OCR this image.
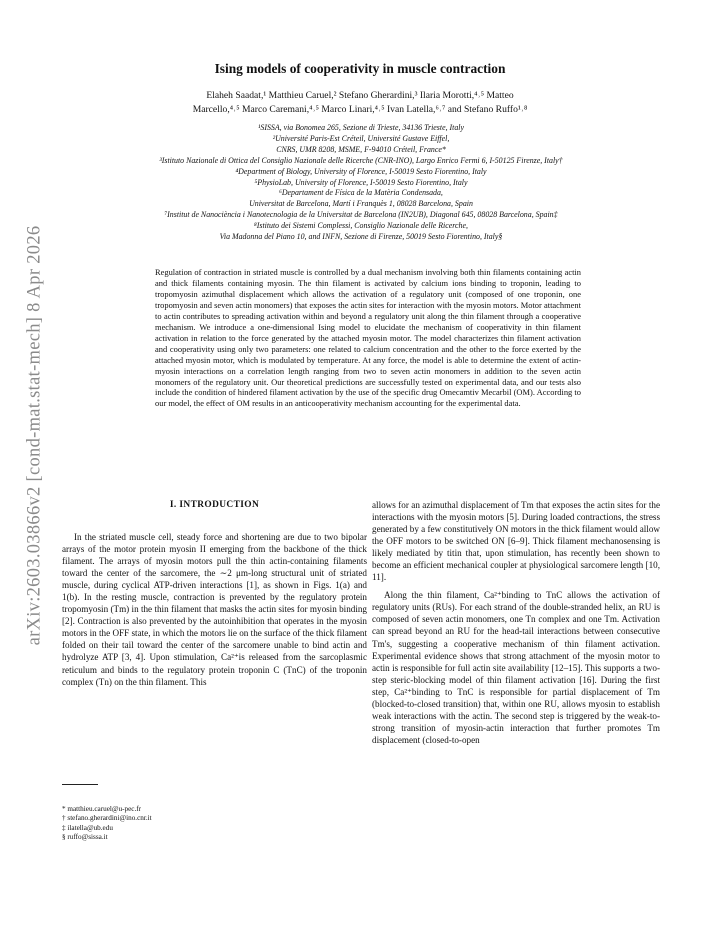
arXiv:2603.03866v2 [cond-mat.stat-mech] 8 Apr 2026
Ising models of cooperativity in muscle contraction
Elaheh Saadat,¹ Matthieu Caruel,² Stefano Gherardini,³ Ilaria Morotti,⁴˒⁵ Matteo
Marcello,⁴˒⁵ Marco Caremani,⁴˒⁵ Marco Linari,⁴˒⁵ Ivan Latella,⁶˒⁷ and Stefano Ruffo¹˒⁸
¹SISSA, via Bonomea 265, Sezione di Trieste, 34136 Trieste, Italy
²Université Paris-Est Créteil, Université Gustave Eiffel,
CNRS, UMR 8208, MSME, F-94010 Créteil, France*
³Istituto Nazionale di Ottica del Consiglio Nazionale delle Ricerche (CNR-INO), Largo Enrico Fermi 6, I-50125 Firenze, Italy†
⁴Department of Biology, University of Florence, I-50019 Sesto Fiorentino, Italy
⁵PhysioLab, University of Florence, I-50019 Sesto Fiorentino, Italy
⁶Departament de Física de la Matèria Condensada,
Universitat de Barcelona, Martí i Franquès 1, 08028 Barcelona, Spain
⁷Institut de Nanociència i Nanotecnologia de la Universitat de Barcelona (IN2UB), Diagonal 645, 08028 Barcelona, Spain‡
⁸Istituto dei Sistemi Complessi, Consiglio Nazionale delle Ricerche,
Via Madonna del Piano 10, and INFN, Sezione di Firenze, 50019 Sesto Fiorentino, Italy§
Regulation of contraction in striated muscle is controlled by a dual mechanism involving both thin filaments containing actin and thick filaments containing myosin. The thin filament is activated by calcium ions binding to troponin, leading to tropomyosin azimuthal displacement which allows the activation of a regulatory unit (composed of one troponin, one tropomyosin and seven actin monomers) that exposes the actin sites for interaction with the myosin motors. Motor attachment to actin contributes to spreading activation within and beyond a regulatory unit along the thin filament through a cooperative mechanism. We introduce a one-dimensional Ising model to elucidate the mechanism of cooperativity in thin filament activation in relation to the force generated by the attached myosin motor. The model characterizes thin filament activation and cooperativity using only two parameters: one related to calcium concentration and the other to the force exerted by the attached myosin motor, which is modulated by temperature. At any force, the model is able to determine the extent of actin-myosin interactions on a correlation length ranging from two to seven actin monomers in addition to the seven actin monomers of the regulatory unit. Our theoretical predictions are successfully tested on experimental data, and our tests also include the condition of hindered filament activation by the use of the specific drug Omecamtiv Mecarbil (OM). According to our model, the effect of OM results in an anticooperativity mechanism accounting for the experimental data.
I. INTRODUCTION

In the striated muscle cell, steady force and shortening are due to two bipolar arrays of the motor protein myosin II emerging from the backbone of the thick filament. The arrays of myosin motors pull the thin actin-containing filaments toward the center of the sarcomere, the ∼2 μm-long structural unit of striated muscle, during cyclical ATP-driven interactions [1], as shown in Figs. 1(a) and 1(b). In the resting muscle, contraction is prevented by the regulatory protein tropomyosin (Tm) in the thin filament that masks the actin sites for myosin binding [2]. Contraction is also prevented by the autoinhibition that operates in the myosin motors in the OFF state, in which the motors lie on the surface of the thick filament folded on their tail toward the center of the sarcomere unable to bind actin and hydrolyze ATP [3, 4]. Upon stimulation, Ca²⁺is released from the sarcoplasmic reticulum and binds to the regulatory protein troponin C (TnC) of the troponin complex (Tn) on the thin filament. This

allows for an azimuthal displacement of Tm that exposes the actin sites for the interactions with the myosin motors [5]. During loaded contractions, the stress generated by a few constitutively ON motors in the thick filament would allow the OFF motors to be switched ON [6–9]. Thick filament mechanosensing is likely mediated by titin that, upon stimulation, has recently been shown to become an efficient mechanical coupler at physiological sarcomere length [10, 11].

Along the thin filament, Ca²⁺binding to TnC allows the activation of regulatory units (RUs). For each strand of the double-stranded helix, an RU is composed of seven actin monomers, one Tn complex and one Tm. Activation can spread beyond an RU for the head-tail interactions between consecutive Tm's, suggesting a cooperative mechanism of thin filament activation. Experimental evidence shows that strong attachment of the myosin motor to actin is responsible for full actin site availability [12–15]. This supports a two-step steric-blocking model of thin filament activation [16]. During the first step, Ca²⁺binding to TnC is responsible for partial displacement of Tm (blocked-to-closed transition) that, within one RU, allows myosin to establish weak interactions with the actin. The second step is triggered by the weak-to-strong transition of myosin-actin interaction that further promotes Tm displacement (closed-to-open

* matthieu.caruel@u-pec.fr
† stefano.gherardini@ino.cnr.it
‡ ilatella@ub.edu
§ ruffo@sissa.it
